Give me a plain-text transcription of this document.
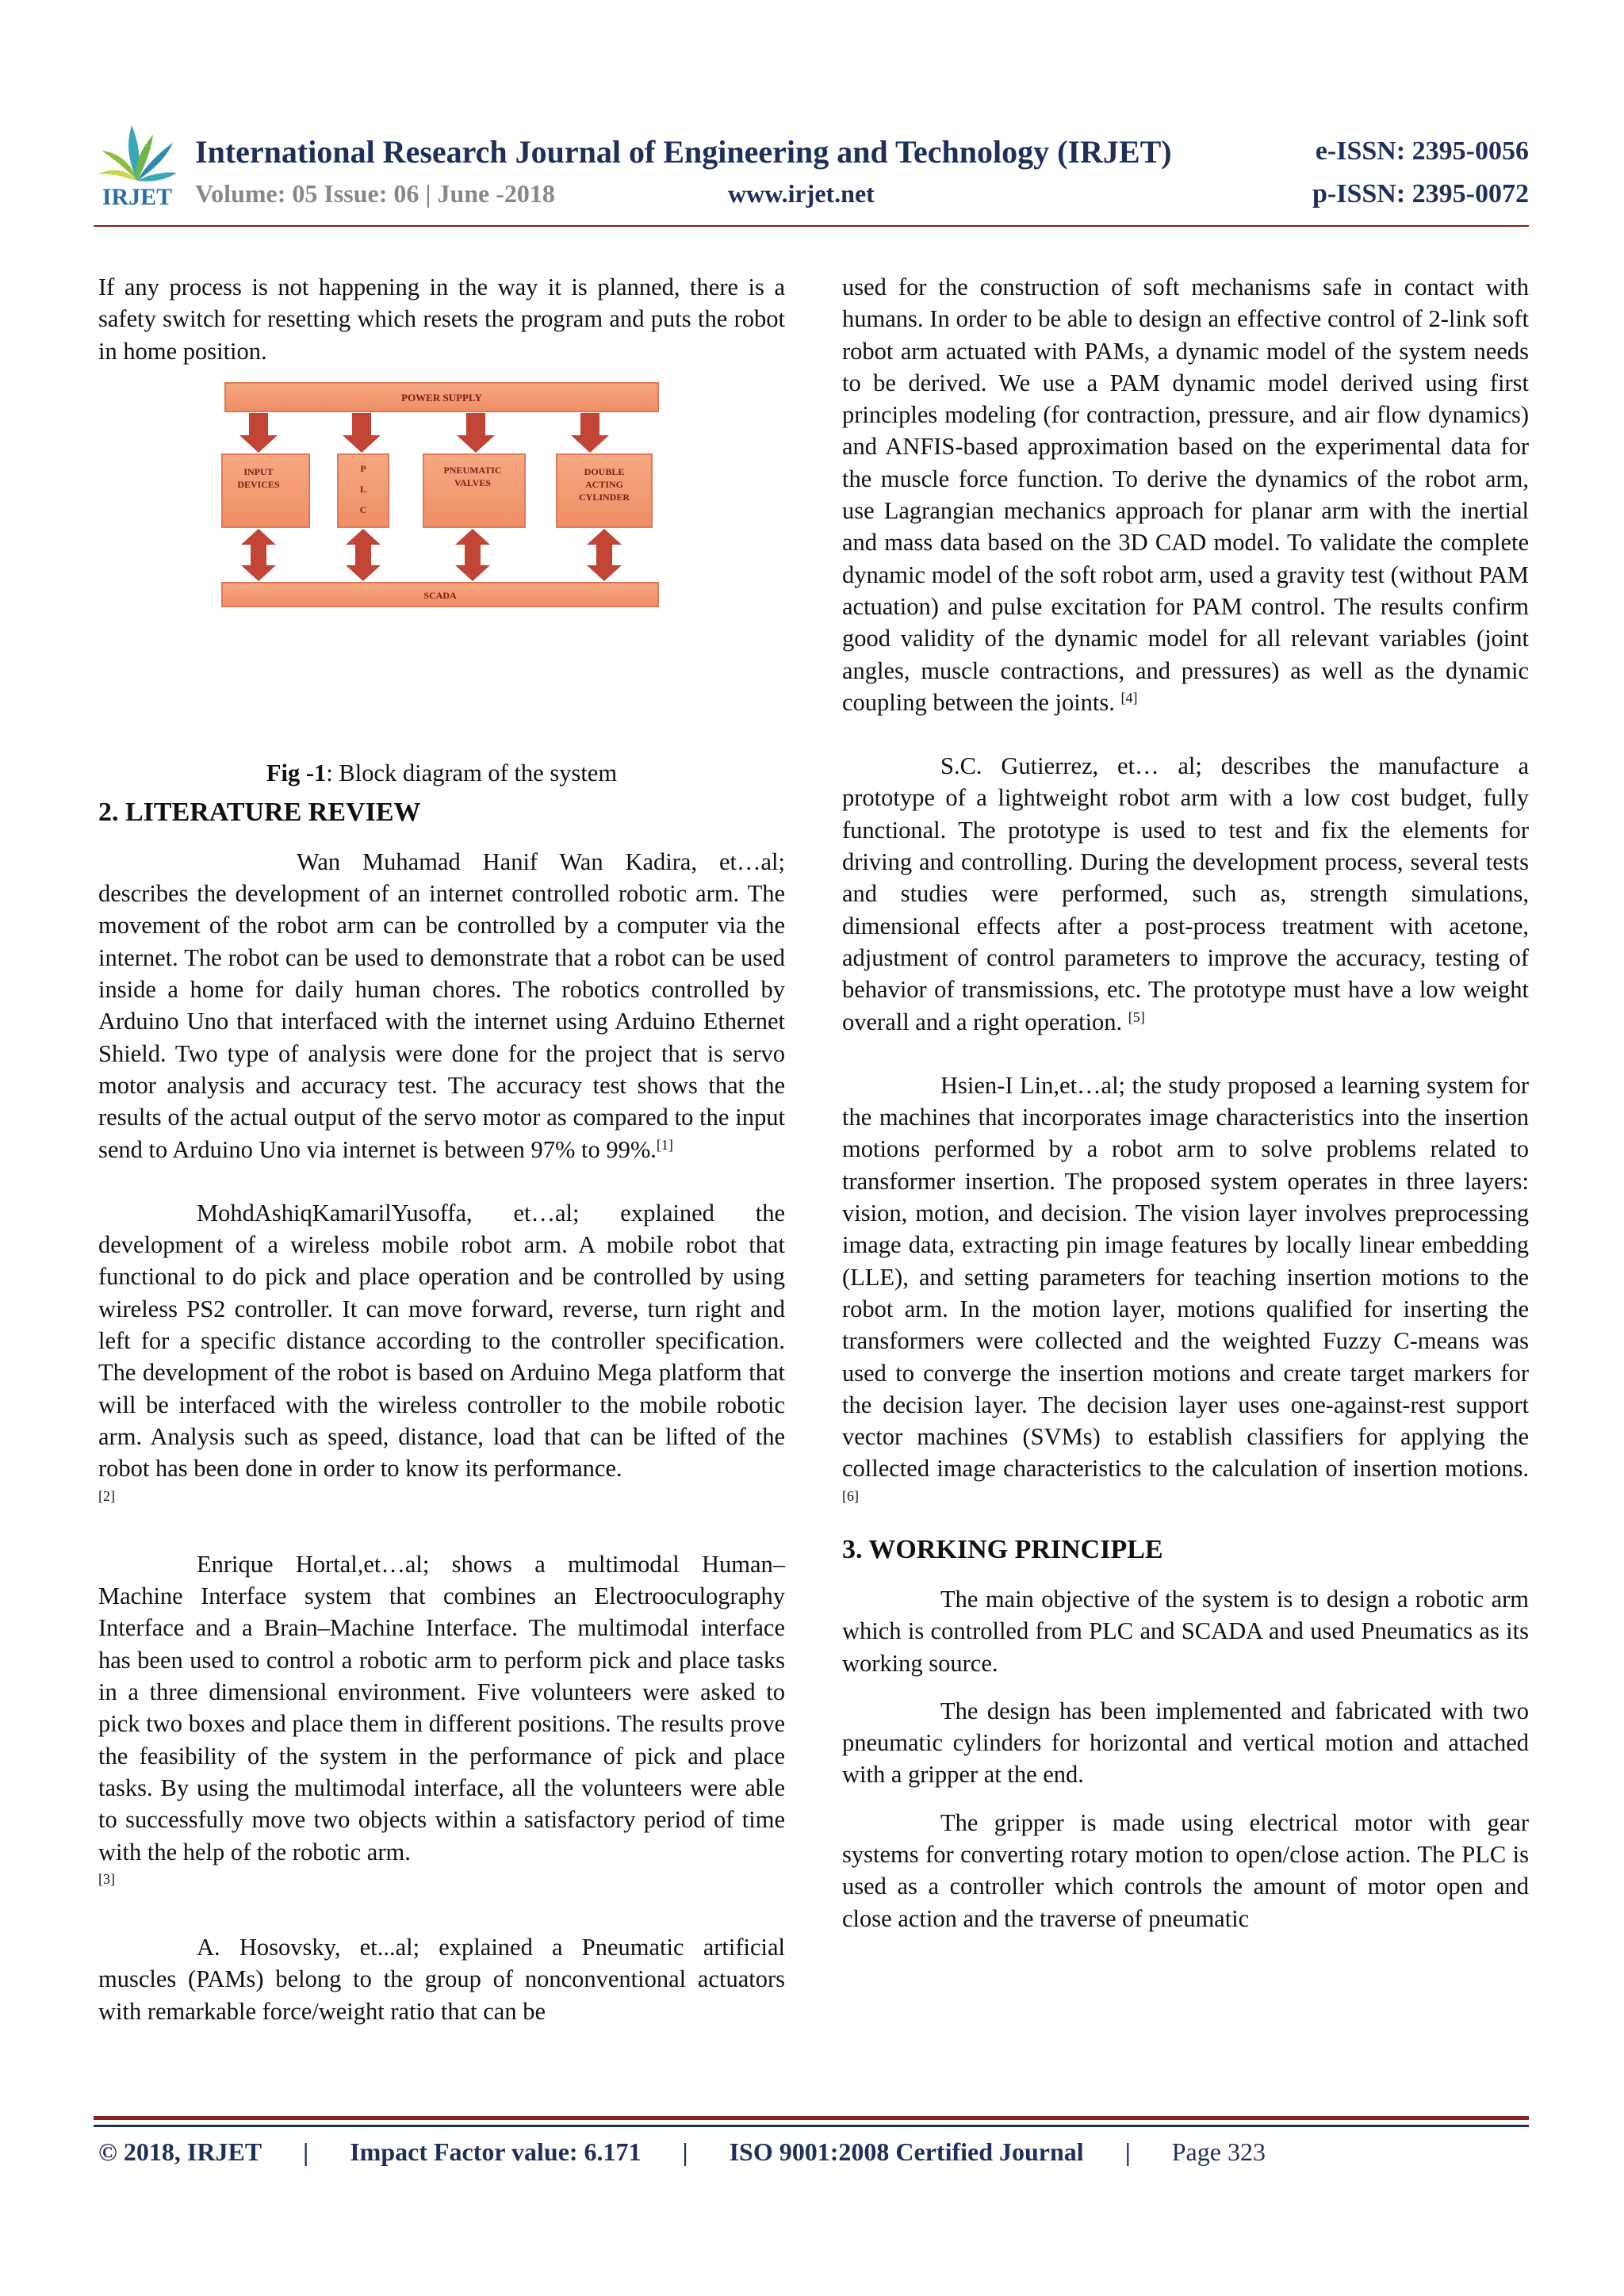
IRJET
International Research Journal of Engineering and Technology (IRJET)	e-ISSN: 2395-0056
Volume: 05 Issue: 06 | June -2018	www.irjet.net	p-ISSN: 2395-0072

If any process is not happening in the way it is planned, there is a safety switch for resetting which resets the program and puts the robot in home position.

POWER SUPPLY
INPUT
DEVICES
P
L
C
PNEUMATIC
VALVES
DOUBLE
ACTING
CYLINDER
SCADA
Fig -1: Block diagram of the system
2. LITERATURE REVIEW

Wan Muhamad Hanif Wan Kadira, et…al; describes the development of an internet controlled robotic arm. The movement of the robot arm can be controlled by a computer via the internet. The robot can be used to demonstrate that a robot can be used inside a home for daily human chores. The robotics controlled by Arduino Uno that interfaced with the internet using Arduino Ethernet Shield. Two type of analysis were done for the project that is servo motor analysis and accuracy test. The accuracy test shows that the results of the actual output of the servo motor as compared to the input send to Arduino Uno via internet is between 97% to 99%.[1]

MohdAshiqKamarilYusoffa, et…al; explained the development of a wireless mobile robot arm. A mobile robot that functional to do pick and place operation and be controlled by using wireless PS2 controller. It can move forward, reverse, turn right and left for a specific distance according to the controller specification. The development of the robot is based on Arduino Mega platform that will be interfaced with the wireless controller to the mobile robotic arm. Analysis such as speed, distance, load that can be lifted of the robot has been done in order to know its performance.
[2]

Enrique Hortal,et…al; shows a multimodal Human–Machine Interface system that combines an Electrooculography Interface and a Brain–Machine Interface. The multimodal interface has been used to control a robotic arm to perform pick and place tasks in a three dimensional environment. Five volunteers were asked to pick two boxes and place them in different positions. The results prove the feasibility of the system in the performance of pick and place tasks. By using the multimodal interface, all the volunteers were able to successfully move two objects within a satisfactory period of time with the help of the robotic arm.
[3]

A. Hosovsky, et...al; explained a Pneumatic artificial muscles (PAMs) belong to the group of nonconventional actuators with remarkable force/weight ratio that can be

used for the construction of soft mechanisms safe in contact with humans. In order to be able to design an effective control of 2-link soft robot arm actuated with PAMs, a dynamic model of the system needs to be derived. We use a PAM dynamic model derived using first principles modeling (for contraction, pressure, and air flow dynamics) and ANFIS-based approximation based on the experimental data for the muscle force function. To derive the dynamics of the robot arm, use Lagrangian mechanics approach for planar arm with the inertial and mass data based on the 3D CAD model. To validate the complete dynamic model of the soft robot arm, used a gravity test (without PAM actuation) and pulse excitation for PAM control. The results confirm good validity of the dynamic model for all relevant variables (joint angles, muscle contractions, and pressures) as well as the dynamic coupling between the joints. [4]

S.C. Gutierrez, et… al; describes the manufacture a prototype of a lightweight robot arm with a low cost budget, fully functional. The prototype is used to test and fix the elements for driving and controlling. During the development process, several tests and studies were performed, such as, strength simulations, dimensional effects after a post-process treatment with acetone, adjustment of control parameters to improve the accuracy, testing of behavior of transmissions, etc. The prototype must have a low weight overall and a right operation. [5]

Hsien-I Lin,et…al; the study proposed a learning system for the machines that incorporates image characteristics into the insertion motions performed by a robot arm to solve problems related to transformer insertion. The proposed system operates in three layers: vision, motion, and decision. The vision layer involves preprocessing image data, extracting pin image features by locally linear embedding (LLE), and setting parameters for teaching insertion motions to the robot arm. In the motion layer, motions qualified for inserting the transformers were collected and the weighted Fuzzy C-means was used to converge the insertion motions and create target markers for the decision layer. The decision layer uses one-against-rest support vector machines (SVMs) to establish classifiers for applying the collected image characteristics to the calculation of insertion motions. [6]

3. WORKING PRINCIPLE

The main objective of the system is to design a robotic arm which is controlled from PLC and SCADA and used Pneumatics as its working source.

The design has been implemented and fabricated with two pneumatic cylinders for horizontal and vertical motion and attached with a gripper at the end.

The gripper is made using electrical motor with gear systems for converting rotary motion to open/close action. The PLC is used as a controller which controls the amount of motor open and close action and the traverse of pneumatic

© 2018, IRJET | Impact Factor value: 6.171 | ISO 9001:2008 Certified Journal | Page 323
